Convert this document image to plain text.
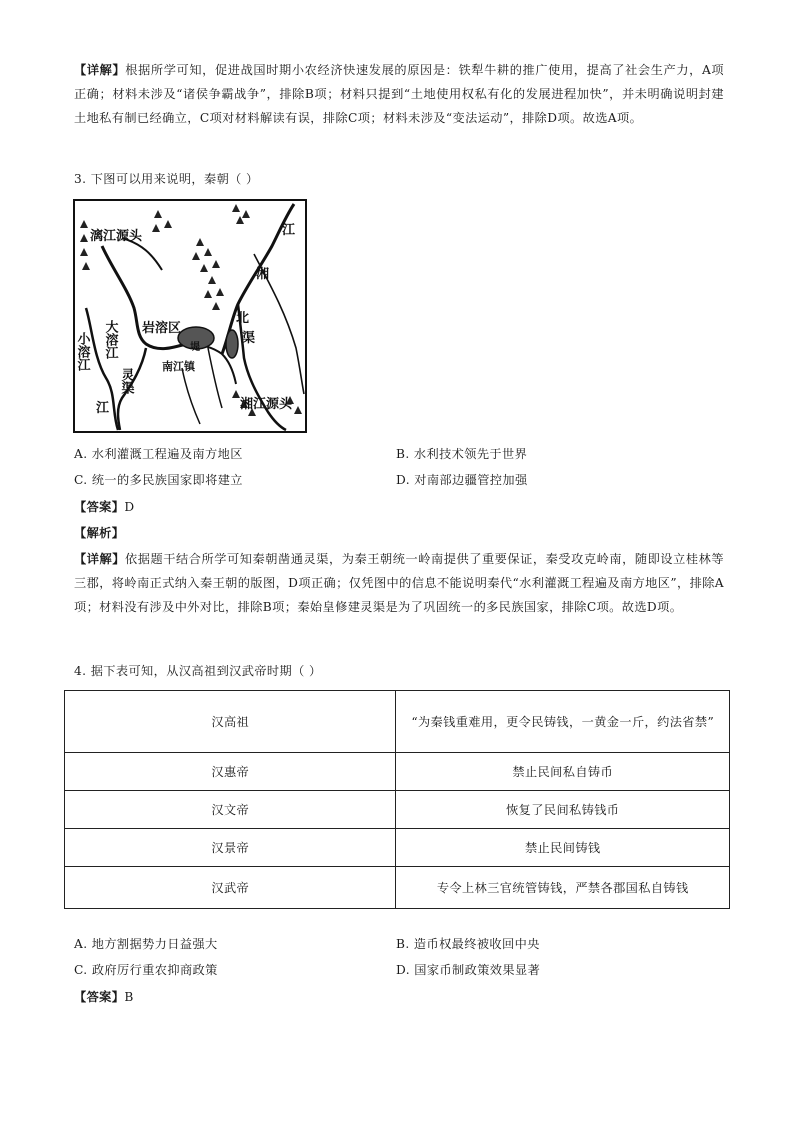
【详解】根据所学可知，促进战国时期小农经济快速发展的原因是：铁犁牛耕的推广使用，提高了社会生产力，A项正确；材料未涉及“诸侯争霸战争”，排除B项；材料只提到“土地使用权私有化的发展进程加快”，并未明确说明封建土地私有制已经确立，C项对材料解读有误，排除C项；材料未涉及“变法运动”，排除D项。故选A项。
3. 下图可以用来说明，秦朝（ ）
漓江源头	江
湘
岩溶区
堤
北
渠
南江镇
湘江源头
小溶江 大溶江
灵渠
江
A. 水利灌溉工程遍及南方地区	B. 水利技术领先于世界
C. 统一的多民族国家即将建立	D. 对南部边疆管控加强
【答案】D
【解析】
【详解】依据题干结合所学可知秦朝凿通灵渠，为秦王朝统一岭南提供了重要保证，秦受攻克岭南，随即设立桂林等三郡，将岭南正式纳入秦王朝的版图，D项正确；仅凭图中的信息不能说明秦代“水利灌溉工程遍及南方地区”，排除A项；材料没有涉及中外对比，排除B项；秦始皇修建灵渠是为了巩固统一的多民族国家，排除C项。故选D项。
4. 据下表可知，从汉高祖到汉武帝时期（ ）
汉高祖	“为秦钱重难用，更令民铸钱，一黄金一斤，约法省禁”
汉惠帝	禁止民间私自铸币
汉文帝	恢复了民间私铸钱币
汉景帝	禁止民间铸钱
汉武帝	专令上林三官统管铸钱，严禁各郡国私自铸钱
A. 地方割据势力日益强大	B. 造币权最终被收回中央
C. 政府厉行重农抑商政策	D. 国家币制政策效果显著
【答案】B
